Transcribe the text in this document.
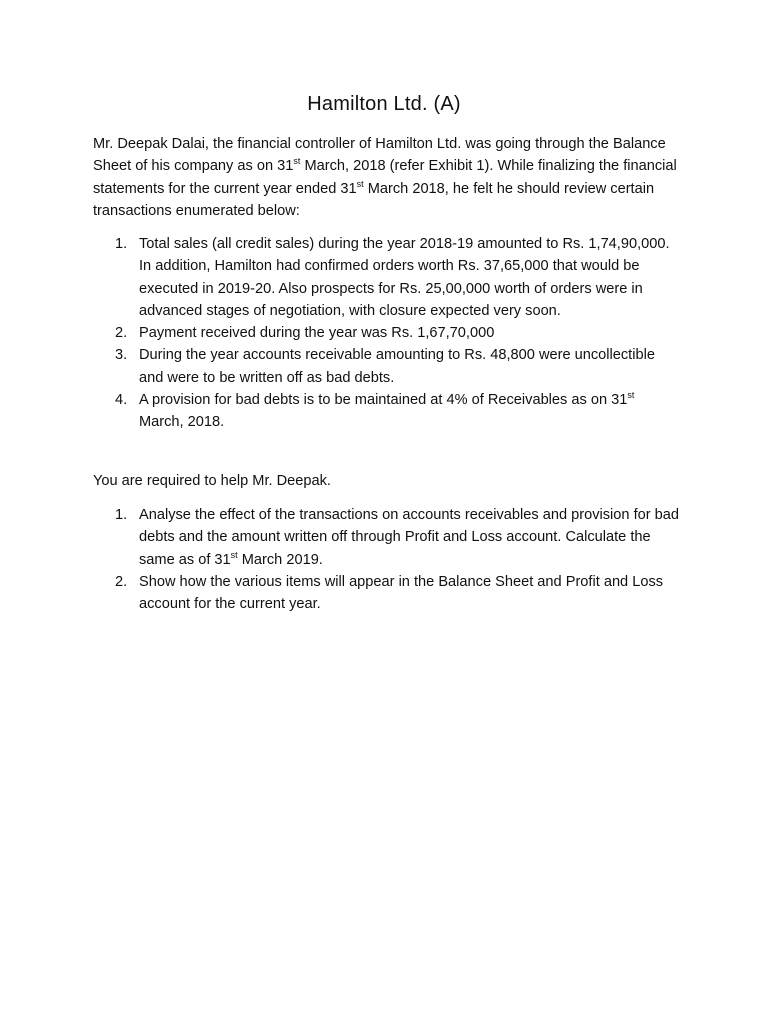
Hamilton Ltd. (A)

Mr. Deepak Dalai, the financial controller of Hamilton Ltd. was going through the Balance Sheet of his company as on 31st March, 2018 (refer Exhibit 1). While finalizing the financial statements for the current year ended 31st March 2018, he felt he should review certain transactions enumerated below:

1. Total sales (all credit sales) during the year 2018-19 amounted to Rs. 1,74,90,000. In addition, Hamilton had confirmed orders worth Rs. 37,65,000 that would be executed in 2019-20. Also prospects for Rs. 25,00,000 worth of orders were in advanced stages of negotiation, with closure expected very soon.
2. Payment received during the year was Rs. 1,67,70,000
3. During the year accounts receivable amounting to Rs. 48,800 were uncollectible and were to be written off as bad debts.
4. A provision for bad debts is to be maintained at 4% of Receivables as on 31st March, 2018.

You are required to help Mr. Deepak.

1. Analyse the effect of the transactions on accounts receivables and provision for bad debts and the amount written off through Profit and Loss account. Calculate the same as of 31st March 2019.
2. Show how the various items will appear in the Balance Sheet and Profit and Loss account for the current year.
